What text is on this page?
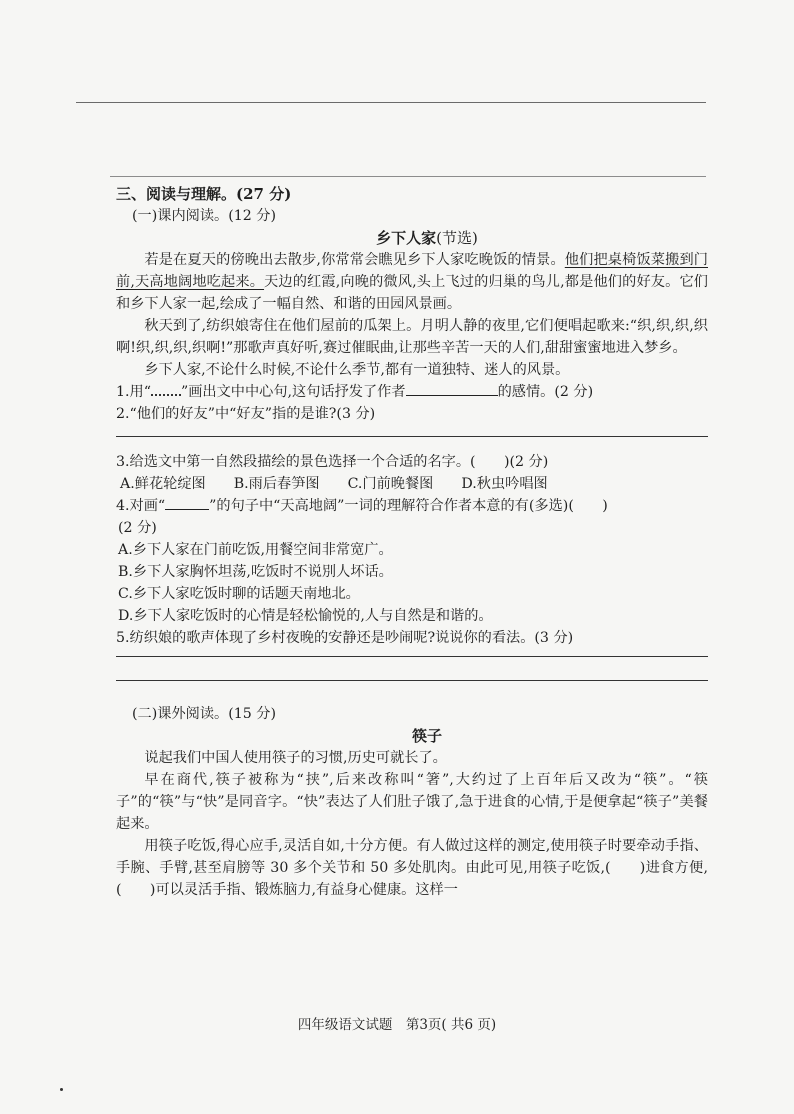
三、阅读与理解。(27 分)
(一)课内阅读。(12 分)
乡下人家(节选)
若是在夏天的傍晚出去散步,你常常会瞧见乡下人家吃晚饭的情景。他们把桌椅饭菜搬到门前,天高地阔地吃起来。天边的红霞,向晚的微风,头上飞过的归巢的鸟儿,都是他们的好友。它们和乡下人家一起,绘成了一幅自然、和谐的田园风景画。
秋天到了,纺织娘寄住在他们屋前的瓜架上。月明人静的夜里,它们便唱起歌来:“织,织,织,织啊!织,织,织,织啊!”那歌声真好听,赛过催眠曲,让那些辛苦一天的人们,甜甜蜜蜜地进入梦乡。
乡下人家,不论什么时候,不论什么季节,都有一道独特、迷人的风景。
1.用“ ”画出文中中心句,这句话抒发了作者	的感情。(2 分)
2.“他们的好友”中“好友”指的是谁?(3 分)
3.给选文中第一自然段描绘的景色选择一个合适的名字。(　　)(2 分)
A.鲜花轮绽图 B.雨后春笋图 C.门前晚餐图 D.秋虫吟唱图
4.对画“	”的句子中“天高地阔”一词的理解符合作者本意的有(多选)(　　)
(2 分)
A.乡下人家在门前吃饭,用餐空间非常宽广。
B.乡下人家胸怀坦荡,吃饭时不说別人坏话。
C.乡下人家吃饭时聊的话题天南地北。
D.乡下人家吃饭时的心情是轻松愉悦的,人与自然是和谐的。
5.纺织娘的歌声体现了乡村夜晚的安静还是吵闹呢?说说你的看法。(3 分)
(二)课外阅读。(15 分)
筷子
说起我们中国人使用筷子的习惯,历史可就长了。
早在商代,筷子被称为“挟”,后来改称叫“箸”,大约过了上百年后又改为“筷”。“筷子”的“筷”与“快”是同音字。“快”表达了人们肚子饿了,急于进食的心情,于是便拿起“筷子”美餐起来。
用筷子吃饭,得心应手,灵活自如,十分方便。有人做过这样的测定,使用筷子时要牵动手指、手腕、手臂,甚至肩膀等 30 多个关节和 50 多处肌肉。由此可见,用筷子吃饭,(　　)进食方便,(　　)可以灵活手指、锻炼脑力,有益身心健康。这样一
四年级语文试题　第3页( 共6 页)
